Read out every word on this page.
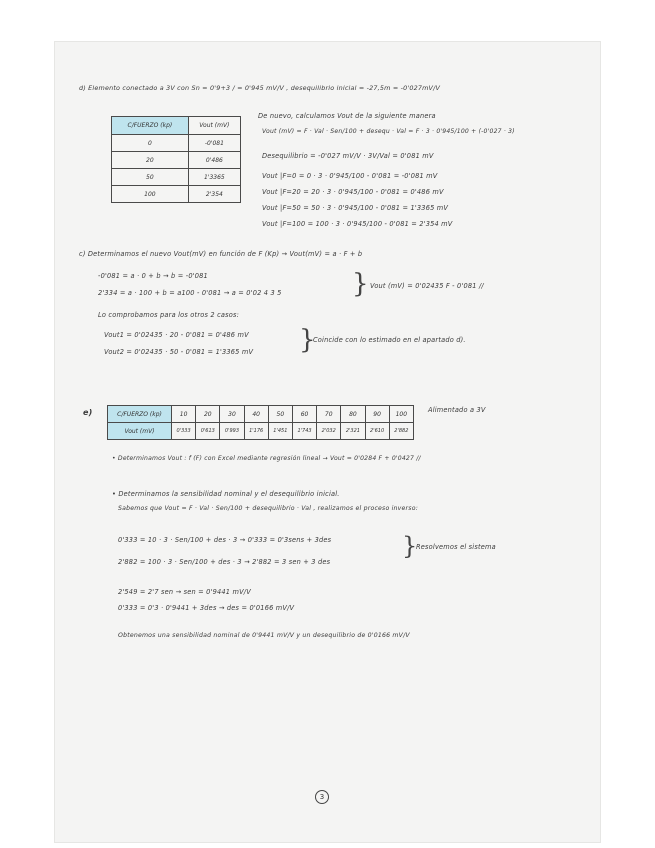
d) Elemento conectado a 3V con Sn = 0'9+3 / = 0'945 mV/V , desequilibrio inicial = -27,5m = -0'027mV/V
C/FUERZO (kp)	Vout (mV)
0	-0'081
20	0'486
50	1'3365
100	2'354
De nuevo, calculamos Vout de la siguiente manera
Vout (mV) = F · Val · Sen/100 + desequ · Val = F · 3 · 0'945/100 + (-0'027 · 3)
Desequilibrio = -0'027 mV/V · 3V/Val = 0'081 mV
Vout |F=0 = 0 · 3 · 0'945/100 - 0'081 = -0'081 mV
Vout |F=20 = 20 · 3 · 0'945/100 - 0'081 = 0'486 mV
Vout |F=50 = 50 · 3 · 0'945/100 - 0'081 = 1'3365 mV
Vout |F=100 = 100 · 3 · 0'945/100 - 0'081 = 2'354 mV
c) Determinamos el nuevo Vout(mV) en función de F (Kp) → Vout(mV) = a · F + b
-0'081 = a · 0 + b → b = -0'081
2'334 = a · 100 + b = a100 - 0'081 → a = 0'02 4 3 5	} Vout (mV) = 0'02435 F - 0'081 //
Lo comprobamos para los otros 2 casos:
Vout1 = 0'02435 · 20 - 0'081 = 0'486 mV
Vout2 = 0'02435 · 50 - 0'081 = 1'3365 mV }
Coincide con lo estimado en el apartado d).
e)	C/FUERZO (kp)	10	20	30	40	50	60	70	80	90	100
Vout (mV)	0'333	0'613	0'993	1'176	1'451	1'743	2'032	2'321	2'610	2'882
Alimentado a 3V
• Determinamos Vout : f (F) con Excel mediante regresión lineal → Vout = 0'0284 F + 0'0427 //
• Determinamos la sensibilidad nominal y el desequilibrio inicial.
Sabemos que Vout = F · Val · Sen/100 + desequilibrio · Val , realizamos el proceso inverso:
0'333 = 10 · 3 · Sen/100 + des · 3 → 0'333 = 0'3sens + 3des
2'882 = 100 · 3 · Sen/100 + des · 3 → 2'882 = 3 sen + 3 des
}
Resolvemos el sistema
2'549 = 2'7 sen → sen = 0'9441 mV/V
0'333 = 0'3 · 0'9441 + 3des → des = 0'0166 mV/V
Obtenemos una sensibilidad nominal de 0'9441 mV/V y un desequilibrio de 0'0166 mV/V
3
